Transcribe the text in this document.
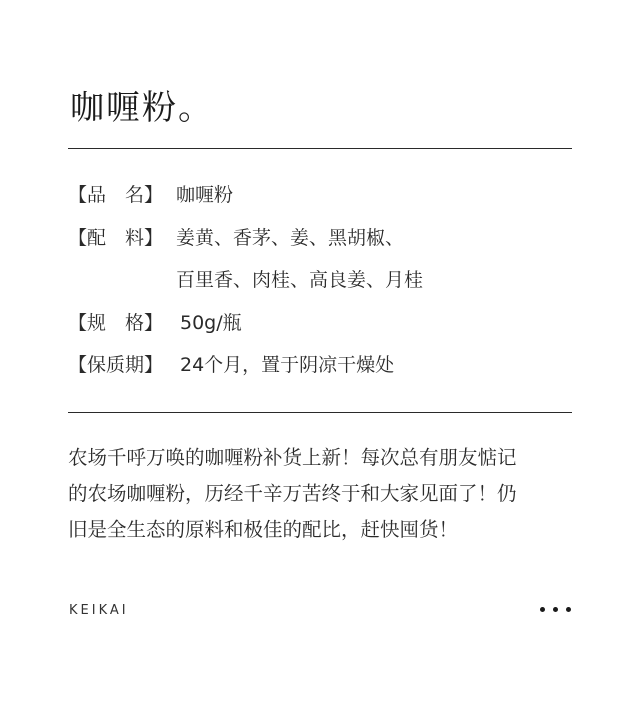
咖喱粉。
【品　名】 咖喱粉
【配　料】 姜黄、香茅、姜、黑胡椒、
百里香、肉桂、高良姜、月桂
【规　格】 50g/瓶
【保质期】 24个月，置于阴凉干燥处
农场千呼万唤的咖喱粉补货上新！每次总有朋友惦记
的农场咖喱粉，历经千辛万苦终于和大家见面了！仍
旧是全生态的原料和极佳的配比，赶快囤货！
KEIKAI
